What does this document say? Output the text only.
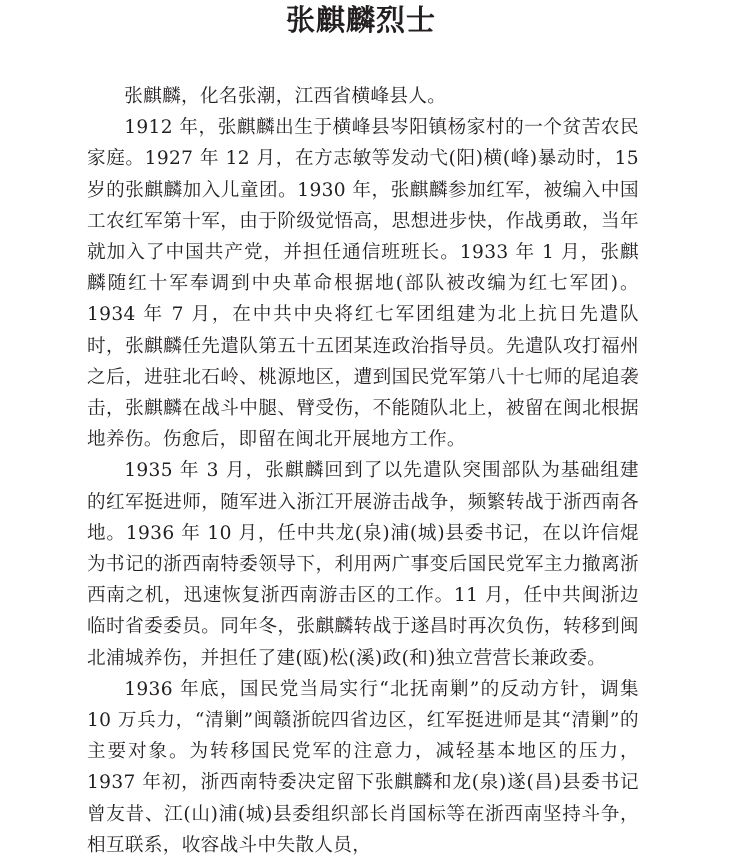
张麒麟烈士

张麒麟，化名张潮，江西省横峰县人。

1912 年，张麒麟出生于横峰县岑阳镇杨家村的一个贫苦农民家庭。1927 年 12 月，在方志敏等发动弋(阳)横(峰)暴动时，15 岁的张麒麟加入儿童团。1930 年，张麒麟参加红军，被编入中国工农红军第十军，由于阶级觉悟高，思想进步快，作战勇敢，当年就加入了中国共产党，并担任通信班班长。1933 年 1 月，张麒麟随红十军奉调到中央革命根据地(部队被改编为红七军团)。1934 年 7 月，在中共中央将红七军团组建为北上抗日先遣队时，张麒麟任先遣队第五十五团某连政治指导员。先遣队攻打福州之后，进驻北石岭、桃源地区，遭到国民党军第八十七师的尾追袭击，张麒麟在战斗中腿、臂受伤，不能随队北上，被留在闽北根据地养伤。伤愈后，即留在闽北开展地方工作。

1935 年 3 月，张麒麟回到了以先遣队突围部队为基础组建的红军挺进师，随军进入浙江开展游击战争，频繁转战于浙西南各地。1936 年 10 月，任中共龙(泉)浦(城)县委书记，在以许信焜为书记的浙西南特委领导下，利用两广事变后国民党军主力撤离浙西南之机，迅速恢复浙西南游击区的工作。11 月，任中共闽浙边临时省委委员。同年冬，张麒麟转战于遂昌时再次负伤，转移到闽北浦城养伤，并担任了建(瓯)松(溪)政(和)独立营营长兼政委。

1936 年底，国民党当局实行“北抚南剿”的反动方针，调集 10 万兵力，“清剿”闽赣浙皖四省边区，红军挺进师是其“清剿”的主要对象。为转移国民党军的注意力，减轻基本地区的压力，1937 年初，浙西南特委决定留下张麒麟和龙(泉)遂(昌)县委书记曾友昔、江(山)浦(城)县委组织部长肖国标等在浙西南坚持斗争，相互联系，收容战斗中失散人员，
